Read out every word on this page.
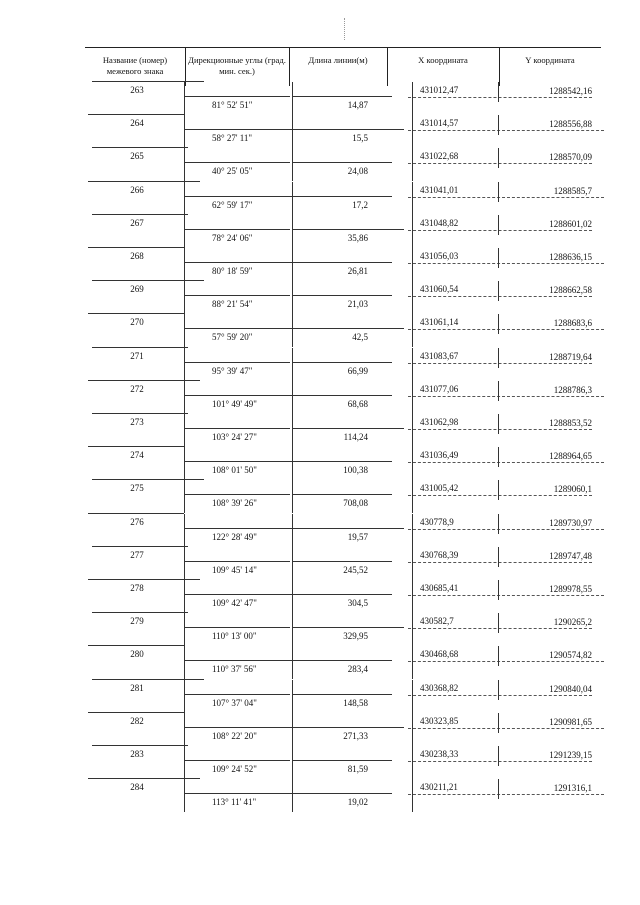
Название (номер) межевого знака
Дирекционные углы (град. мин. сек.)
Длина линии(м)	Х координата	Y координата
263	431012,47	1288542,16
81° 52' 51"	14,87
264	431014,57	1288556,88
58° 27' 11"	15,5
265	431022,68	1288570,09
40° 25' 05"	24,08
266	431041,01	1288585,7
62° 59' 17"	17,2
267	431048,82	1288601,02
78° 24' 06"	35,86
268	431056,03	1288636,15
80° 18' 59"	26,81
269	431060,54	1288662,58
88° 21' 54"	21,03
270	431061,14	1288683,6
57° 59' 20"	42,5
271	431083,67	1288719,64
95° 39' 47"	66,99
272	431077,06	1288786,3
101° 49' 49"	68,68
273	431062,98	1288853,52
103° 24' 27"	114,24
274	431036,49	1288964,65
108° 01' 50"	100,38
275	431005,42	1289060,1
108° 39' 26"	708,08
276	430778,9	1289730,97
122° 28' 49"	19,57
277	430768,39	1289747,48
109° 45' 14"	245,52
278	430685,41	1289978,55
109° 42' 47"	304,5
279	430582,7	1290265,2
110° 13' 00"	329,95
280	430468,68	1290574,82
110° 37' 56"	283,4
281	430368,82	1290840,04
107° 37' 04"	148,58
282	430323,85	1290981,65
108° 22' 20"	271,33
283	430238,33	1291239,15
109° 24' 52"	81,59
284	430211,21	1291316,1
113° 11' 41"	19,02
